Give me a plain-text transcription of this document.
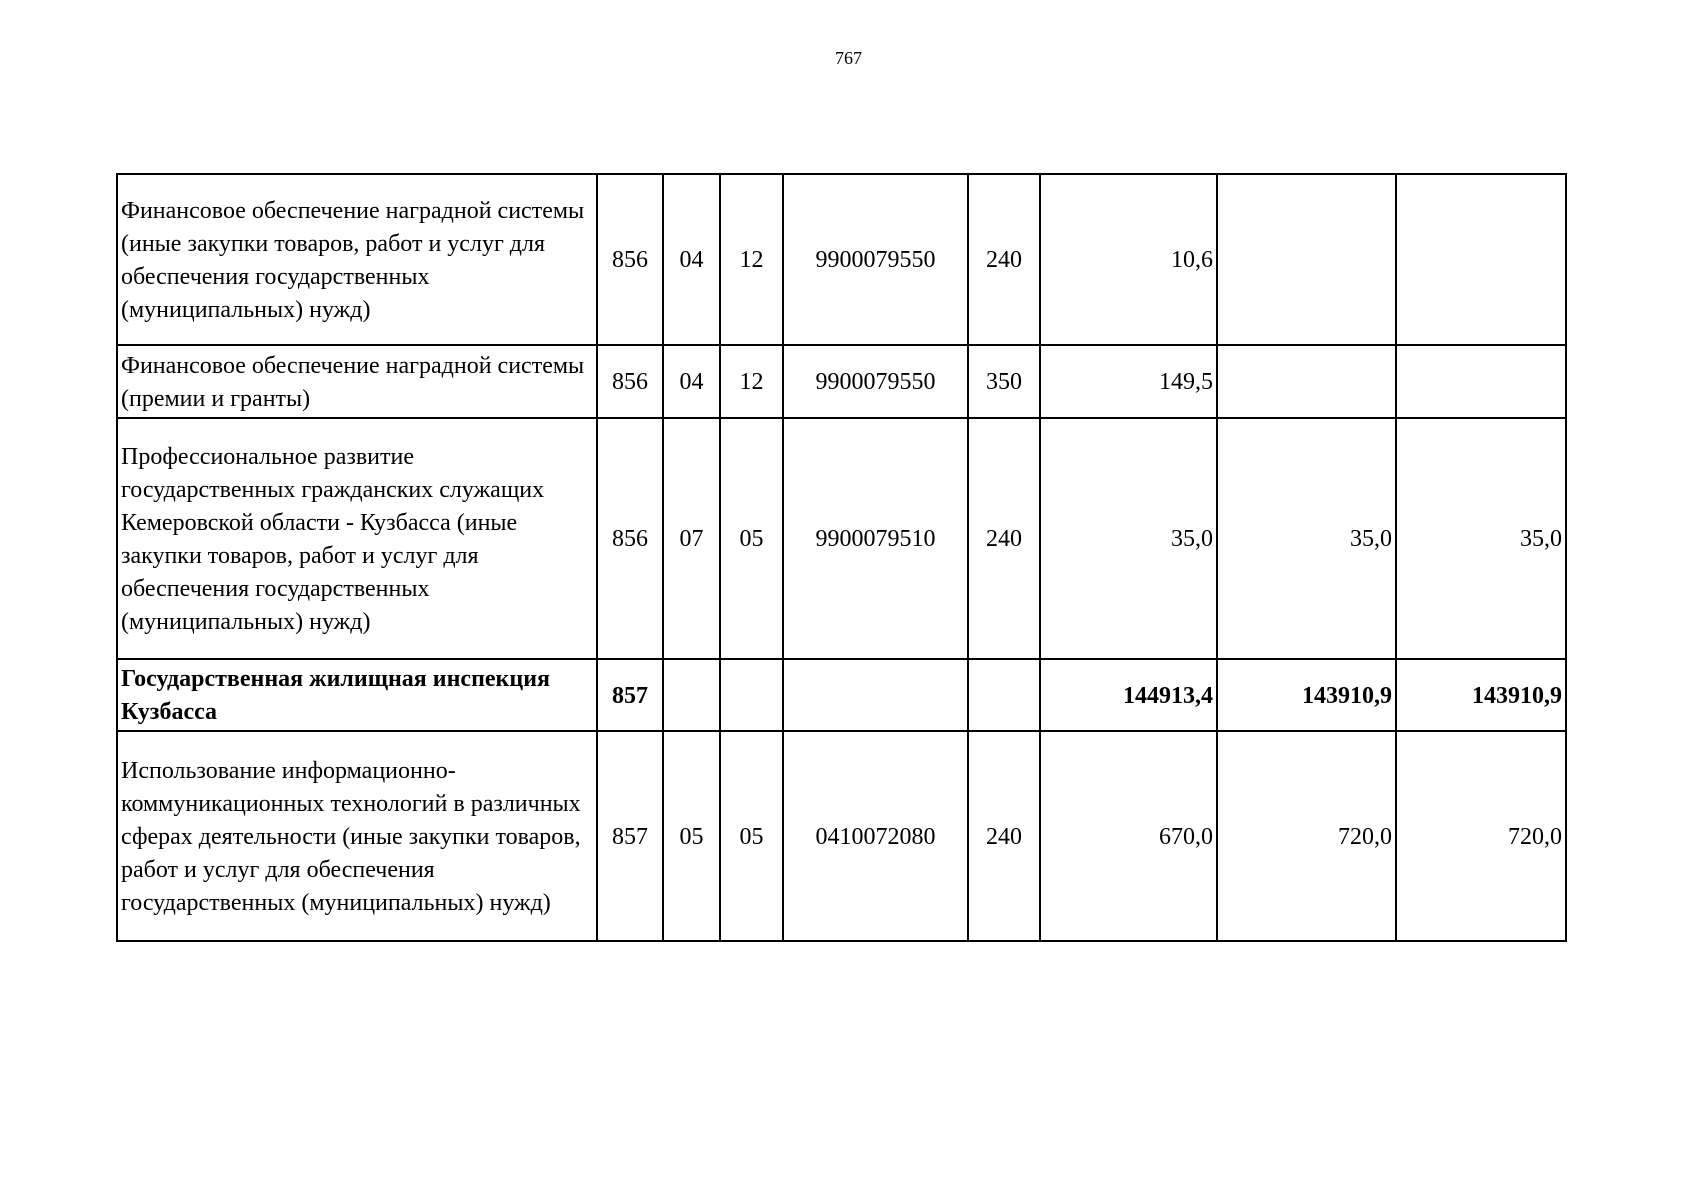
767
Финансовое обеспечение наградной системы (иные закупки товаров, работ и услуг для обеспечения государственных (муниципальных) нужд)	856	04	12	9900079550	240	10,6		
Финансовое обеспечение наградной системы (премии и гранты)	856	04	12	9900079550	350	149,5		
Профессиональное развитие государственных гражданских служащих Кемеровской области - Кузбасса (иные закупки товаров, работ и услуг для обеспечения государственных (муниципальных) нужд)	856	07	05	9900079510	240	35,0	35,0	35,0
Государственная жилищная инспекция Кузбасса	857					144913,4	143910,9	143910,9
Использование информационно-коммуникационных технологий в различных сферах деятельности (иные закупки товаров, работ и услуг для обеспечения государственных (муниципальных) нужд)	857	05	05	0410072080	240	670,0	720,0	720,0
